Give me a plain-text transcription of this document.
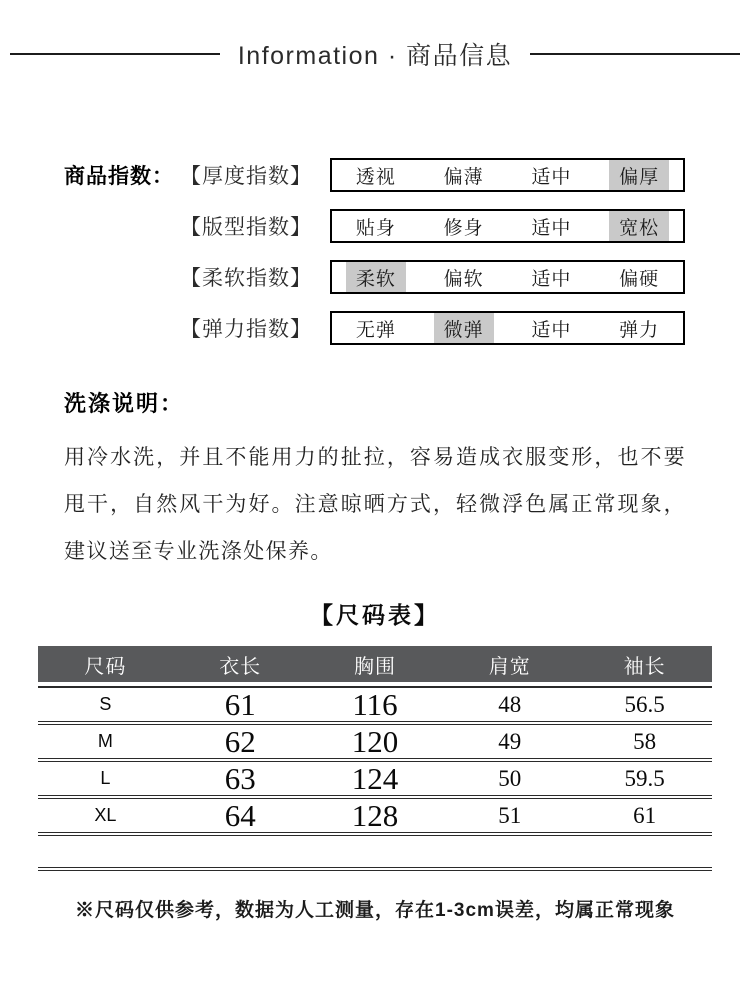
Information · 商品信息
商品指数： 【厚度指数】	透视	偏薄	适中	偏厚
【版型指数】	贴身	修身	适中	宽松
【柔软指数】	柔软	偏软	适中	偏硬
【弹力指数】	无弹	微弹	适中	弹力
洗涤说明：
用冷水洗，并且不能用力的扯拉，容易造成衣服变形，也不要甩干，自然风干为好。注意晾晒方式，轻微浮色属正常现象，建议送至专业洗涤处保养。
【尺码表】
尺码	衣长	胸围	肩宽	袖长
S	61	116	48	56.5
M	62	120	49	58
L	63	124	50	59.5
XL	64	128	51	61
※尺码仅供参考，数据为人工测量，存在1-3cm误差，均属正常现象
